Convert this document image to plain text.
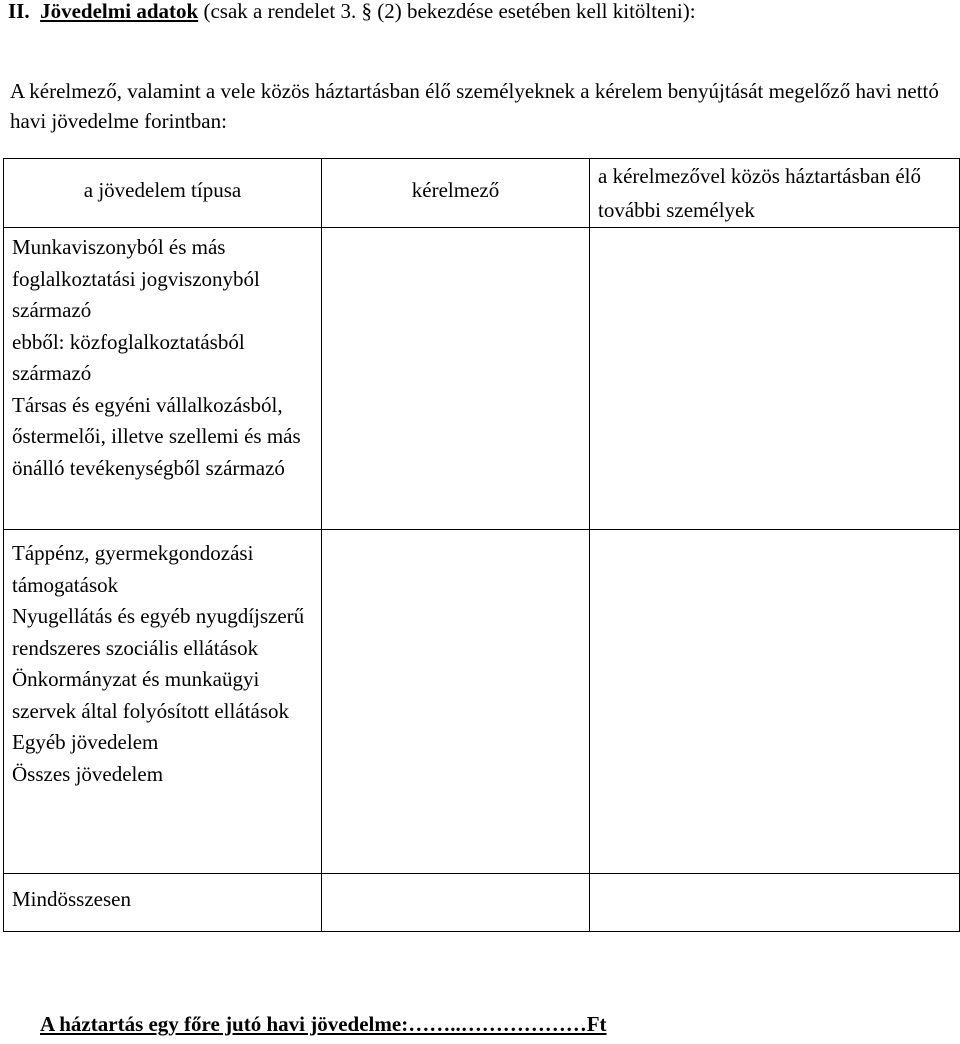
II. Jövedelmi adatok (csak a rendelet 3. § (2) bekezdése esetében kell kitölteni):
A kérelmező, valamint a vele közös háztartásban élő személyeknek a kérelem benyújtását megelőző havi nettó havi jövedelme forintban:
a jövedelem típusa	kérelmező	a kérelmezővel közös háztartásban élő további személyek

Munkaviszonyból és más foglalkoztatási jogviszonyból származó
ebből: közfoglalkoztatásból származó
Társas és egyéni vállalkozásból, őstermelői, illetve szellemi és más önálló tevékenységből származó		

Táppénz, gyermekgondozási támogatások
Nyugellátás és egyéb nyugdíjszerű rendszeres szociális ellátások
Önkormányzat és munkaügyi szervek által folyósított ellátások
Egyéb jövedelem
Összes jövedelem		

Mindösszesen		
A háztartás egy főre jutó havi jövedelme:……..………………Ft
